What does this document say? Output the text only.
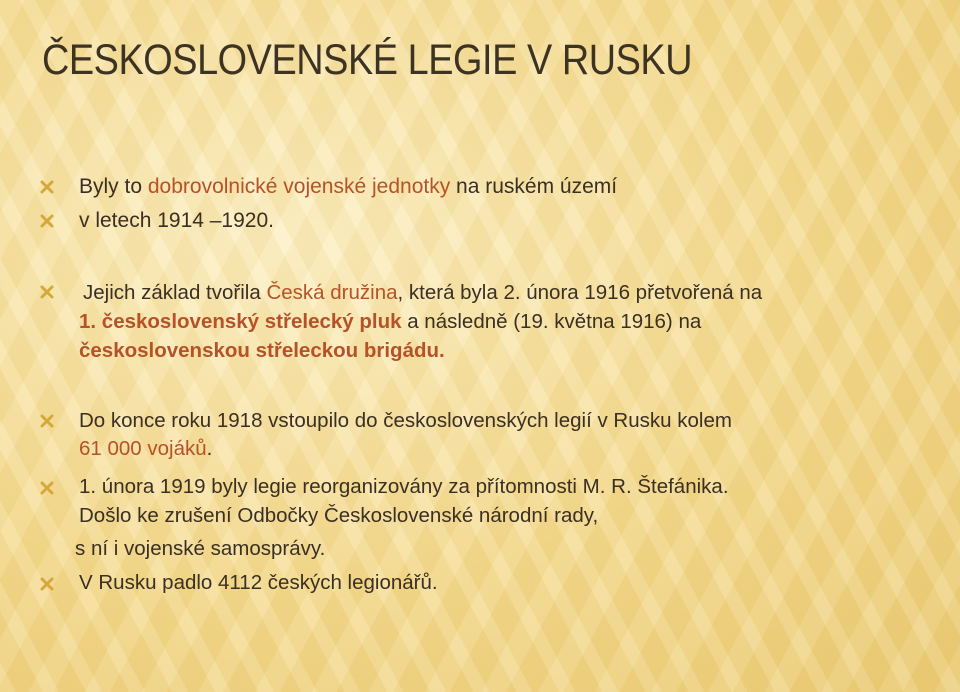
ČESKOSLOVENSKÉ LEGIE V RUSKU
Byly to dobrovolnické vojenské jednotky na ruském území
v letech 1914 –1920.
Jejich základ tvořila Česká družina, která byla 2. února 1916 přetvořená na
1. československý střelecký pluk a následně (19. května 1916) na
československou střeleckou brigádu.
Do konce roku 1918 vstoupilo do československých legií v Rusku kolem
61 000 vojáků.
1. února 1919 byly legie reorganizovány za přítomnosti M. R. Štefánika.
Došlo ke zrušení Odbočky Československé národní rady,
s ní i vojenské samosprávy.
V Rusku padlo 4112 českých legionářů.
